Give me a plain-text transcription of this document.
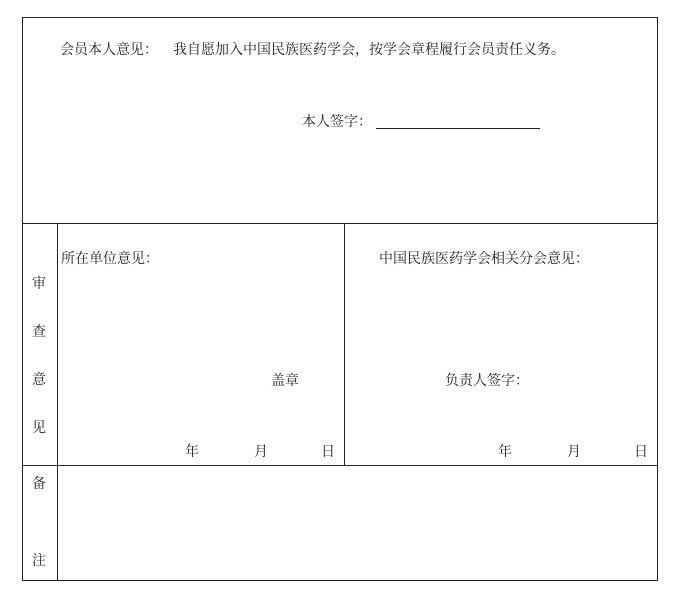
会员本人意见： 我自愿加入中国民族医药学会，按学会章程履行会员责任义务。
本人签字：
审
查
意
见
所在单位意见：
盖章
年	月	日
中国民族医药学会相关分会意见：
负责人签字：
年	月	日
备
注
